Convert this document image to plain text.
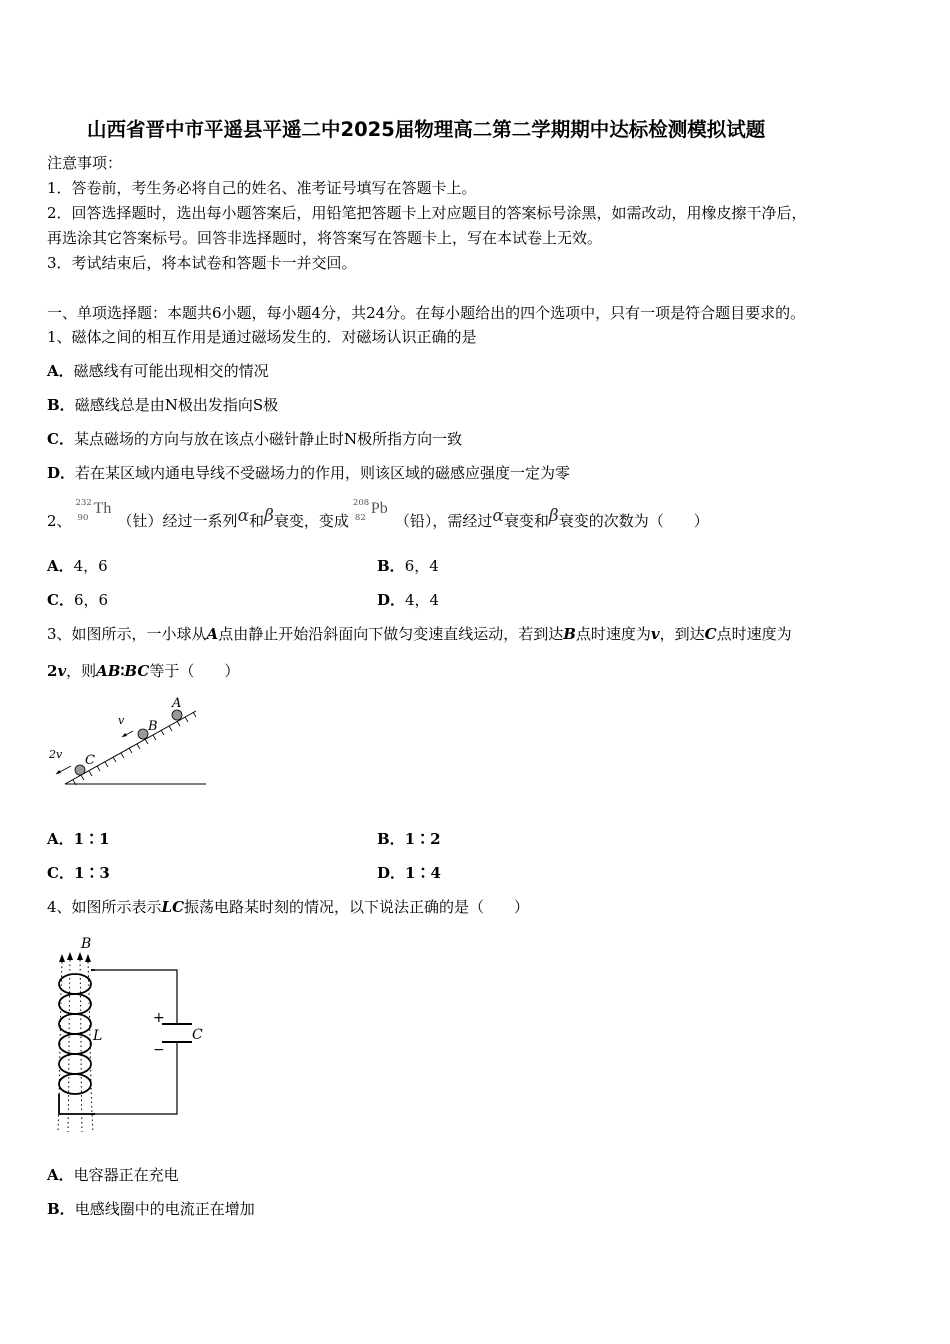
山西省晋中市平遥县平遥二中2025届物理高二第二学期期中达标检测模拟试题
注意事项：
1．答卷前，考生务必将自己的姓名、准考证号填写在答题卡上。
2．回答选择题时，选出每小题答案后，用铅笔把答题卡上对应题目的答案标号涂黑，如需改动，用橡皮擦干净后，
再选涂其它答案标号。回答非选择题时，将答案写在答题卡上，写在本试卷上无效。
3．考试结束后，将本试卷和答题卡一并交回。
一、单项选择题：本题共6小题，每小题4分，共24分。在每小题给出的四个选项中，只有一项是符合题目要求的。
1、磁体之间的相互作用是通过磁场发生的．对磁场认识正确的是
A．磁感线有可能出现相交的情况
B．磁感线总是由N极出发指向S极
C．某点磁场的方向与放在该点小磁针静止时N极所指方向一致
D．若在某区域内通电导线不受磁场力的作用，则该区域的磁感应强度一定为零
2、
232
90
Th
（钍）经过一系列α和β衰变，变成
208
82
Pb
（铅），需经过α衰变和β衰变的次数为（　　）
A．4，6	B．6，4
C．6，6	D．4，4
3、如图所示，一小球从A点由静止开始沿斜面向下做匀变速直线运动，若到达B点时速度为v，到达C点时速度为
2v，则AB∶BC等于（　　）
A
B
v
C
2v
A．1∶1	B．1∶2
C．1∶3	D．1∶4
4、如图所示表示LC振荡电路某时刻的情况，以下说法正确的是（　　）
+
−
C
B
L
A．电容器正在充电
B．电感线圈中的电流正在增加
